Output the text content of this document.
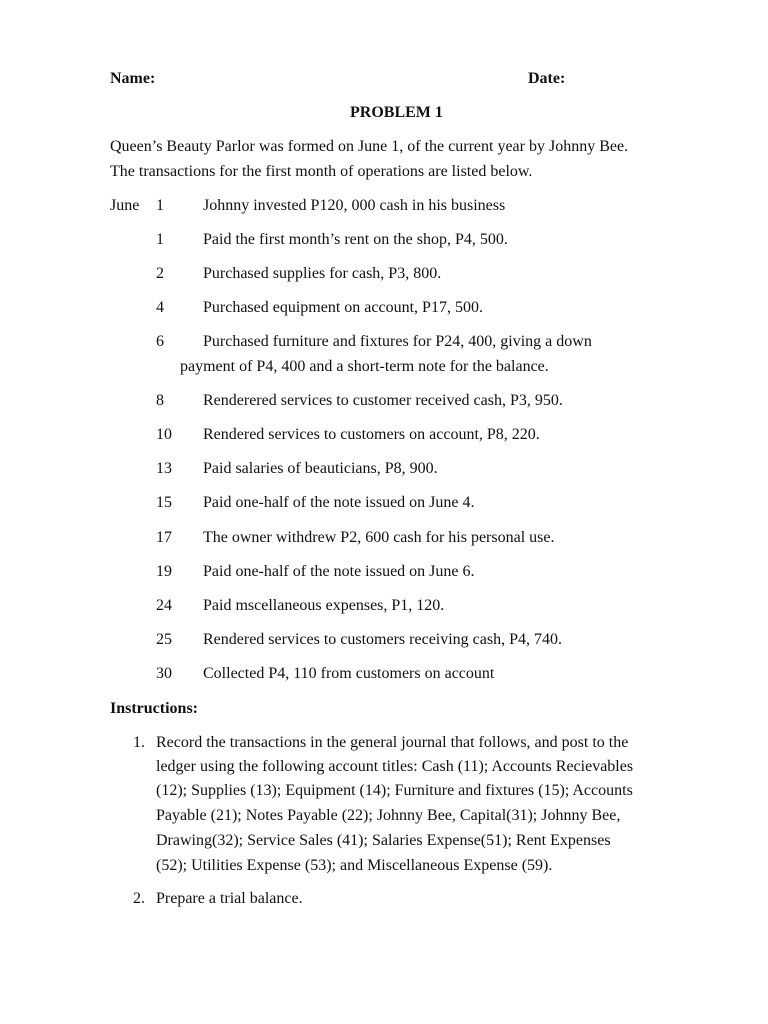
Name:	Date:
PROBLEM 1
Queen’s Beauty Parlor was formed on June 1, of the current year by Johnny Bee.
The transactions for the first month of operations are listed below.
June 1 Johnny invested P120, 000 cash in his business
1 Paid the first month’s rent on the shop, P4, 500.
2 Purchased supplies for cash, P3, 800.
4 Purchased equipment on account, P17, 500.
6 Purchased furniture and fixtures for P24, 400, giving a down
payment of P4, 400 and a short-term note for the balance.
8 Renderered services to customer received cash, P3, 950.
10 Rendered services to customers on account, P8, 220.
13 Paid salaries of beauticians, P8, 900.
15 Paid one-half of the note issued on June 4.
17 The owner withdrew P2, 600 cash for his personal use.
19 Paid one-half of the note issued on June 6.
24 Paid mscellaneous expenses, P1, 120.
25 Rendered services to customers receiving cash, P4, 740.
30 Collected P4, 110 from customers on account
Instructions:
1. Record the transactions in the general journal that follows, and post to the
ledger using the following account titles: Cash (11); Accounts Recievables
(12); Supplies (13); Equipment (14); Furniture and fixtures (15); Accounts
Payable (21); Notes Payable (22); Johnny Bee, Capital(31); Johnny Bee,
Drawing(32); Service Sales (41); Salaries Expense(51); Rent Expenses
(52); Utilities Expense (53); and Miscellaneous Expense (59).
2. Prepare a trial balance.
